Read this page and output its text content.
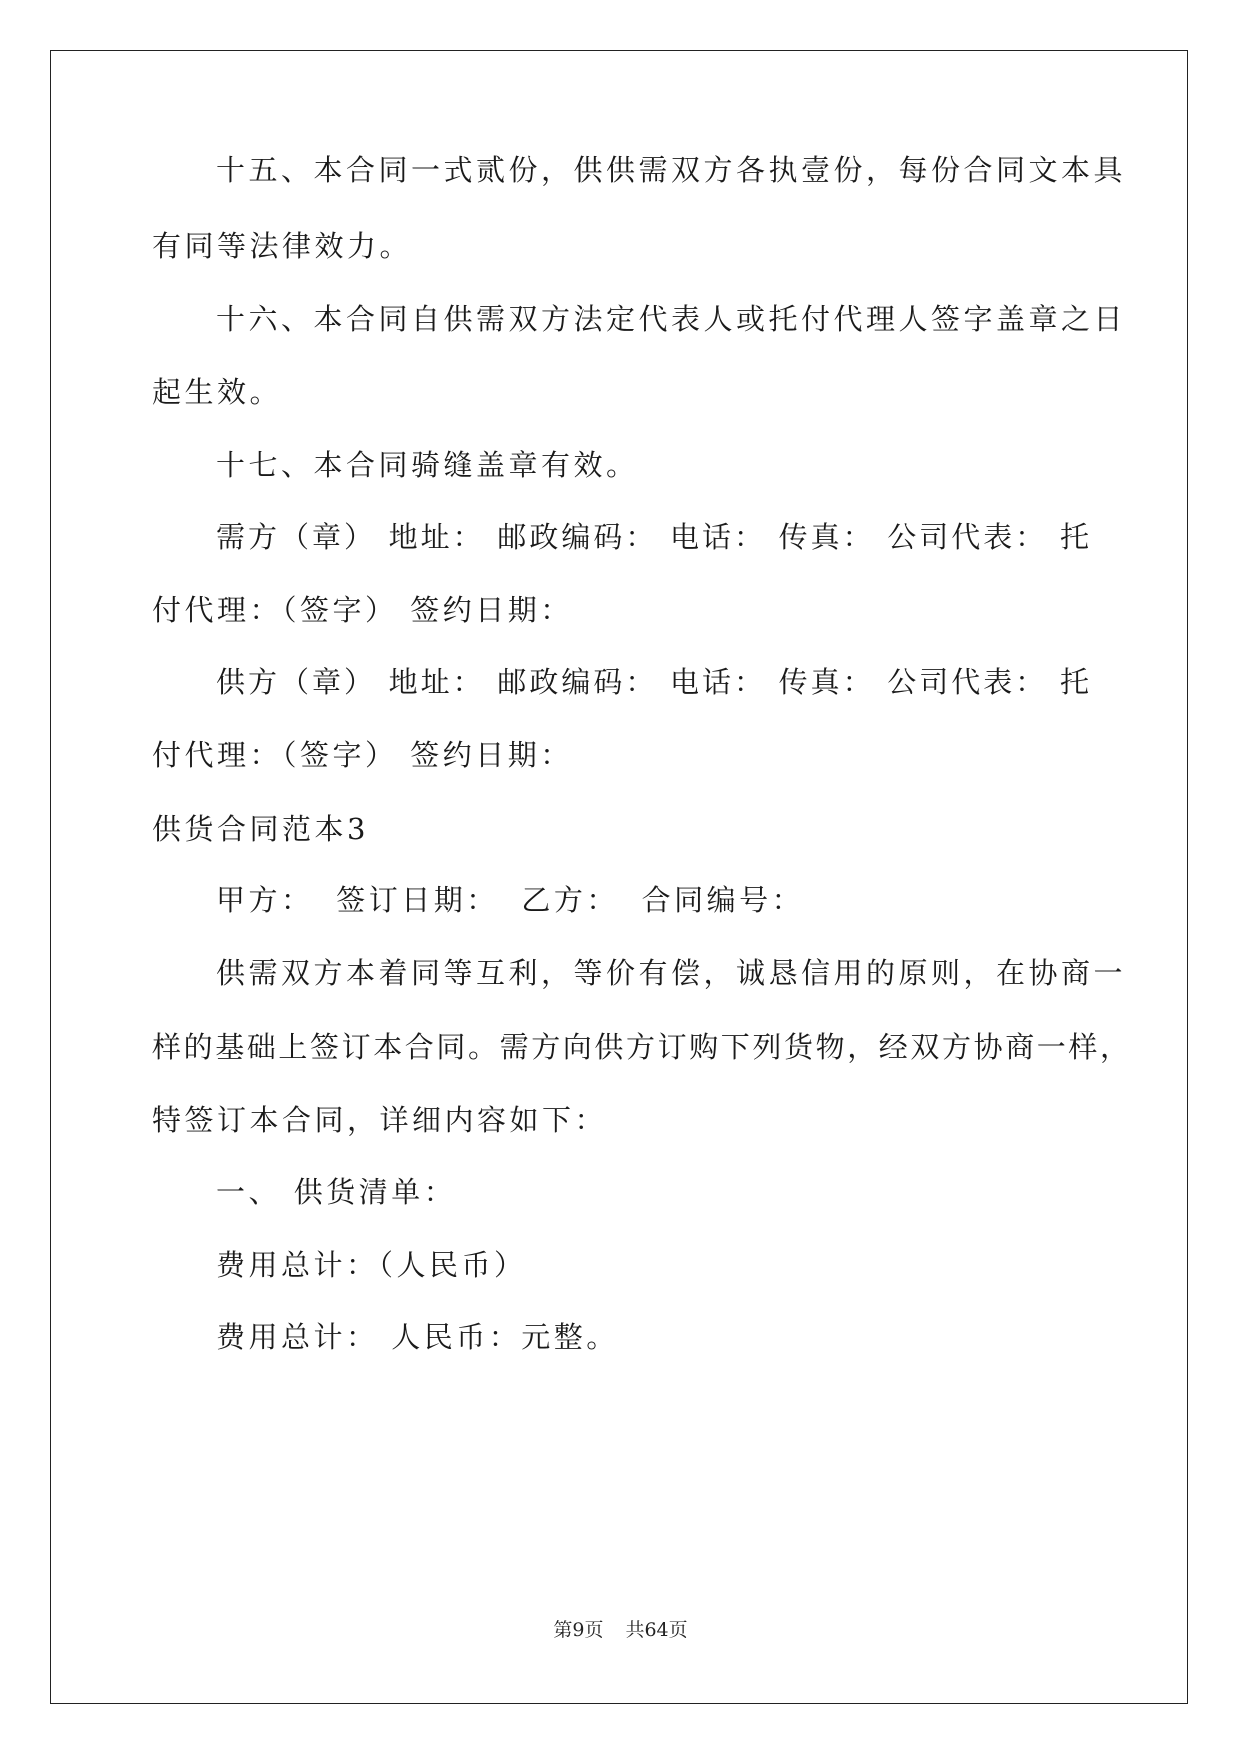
十五、本合同一式贰份，供供需双方各执壹份，每份合同文本具
有同等法律效力。
十六、本合同自供需双方法定代表人或托付代理人签字盖章之日
起生效。
十七、本合同骑缝盖章有效。
需方（章） 地址： 邮政编码： 电话： 传真： 公司代表： 托
付代理：（签字） 签约日期：
供方（章） 地址： 邮政编码： 电话： 传真： 公司代表： 托
付代理：（签字） 签约日期：
供货合同范本3
甲方： 签订日期： 乙方： 合同编号：
供需双方本着同等互利，等价有偿，诚恳信用的原则，在协商一
样的基础上签订本合同。需方向供方订购下列货物，经双方协商一样，
特签订本合同，详细内容如下：
一、 供货清单：
费用总计：（人民币）
费用总计： 人民币：元整。
第9页 共64页
